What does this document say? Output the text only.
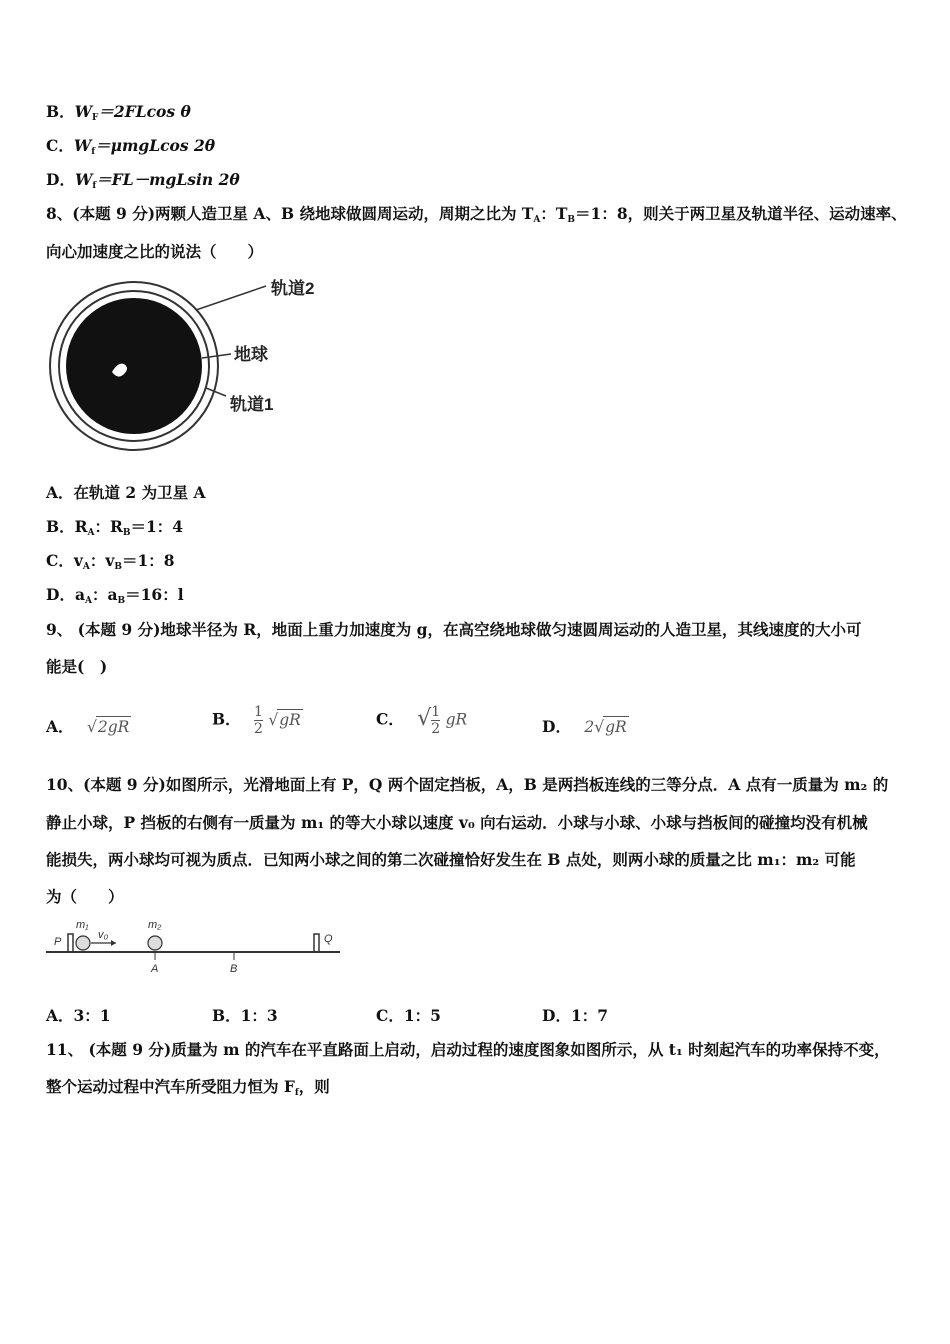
B．$W_F=2FLcos$ θ
C．$W_f=\mu mgLcos$ 2θ
D．$W_f=FL-mgLsin$ 2θ
8、(本题 9 分)两颗人造卫星 A、B 绕地球做圆周运动，周期之比为 $T_A$：$T_B=1$：8，则关于两卫星及轨道半径、运动速率、
向心加速度之比的说法（　　）
轨道2
地球
轨道1
A．在轨道 2 为卫星 A
B．$R_A$：$R_B=1$：4
C．$v_A$：$v_B=1$：8
D．$a_A$：$a_B=16$：l
9、 (本题 9 分)地球半径为 R，地面上重力加速度为 g，在高空绕地球做匀速圆周运动的人造卫星，其线速度的大小可
能是(　)
A． √2gR	B． $\frac{1}{2} √gR$	C． √ $\frac{1}{2}$ gR	D． 2√gR
10、(本题 9 分)如图所示，光滑地面上有 P，Q 两个固定挡板，A，B 是两挡板连线的三等分点．A 点有一质量为 m₂ 的
静止小球，P 挡板的右侧有一质量为 m₁ 的等大小球以速度 v₀ 向右运动．小球与小球、小球与挡板间的碰撞均没有机械
能损失，两小球均可视为质点．已知两小球之间的第二次碰撞恰好发生在 B 点处，则两小球的质量之比 m₁：m₂ 可能
为（　　）
P	Q
m₁
v₀
m₂
A	B
A．3：1	B．1：3	C．1：5	D．1：7
11、 (本题 9 分)质量为 m 的汽车在平直路面上启动，启动过程的速度图象如图所示，从 t₁ 时刻起汽车的功率保持不变，
整个运动过程中汽车所受阻力恒为 $F_f$，则
